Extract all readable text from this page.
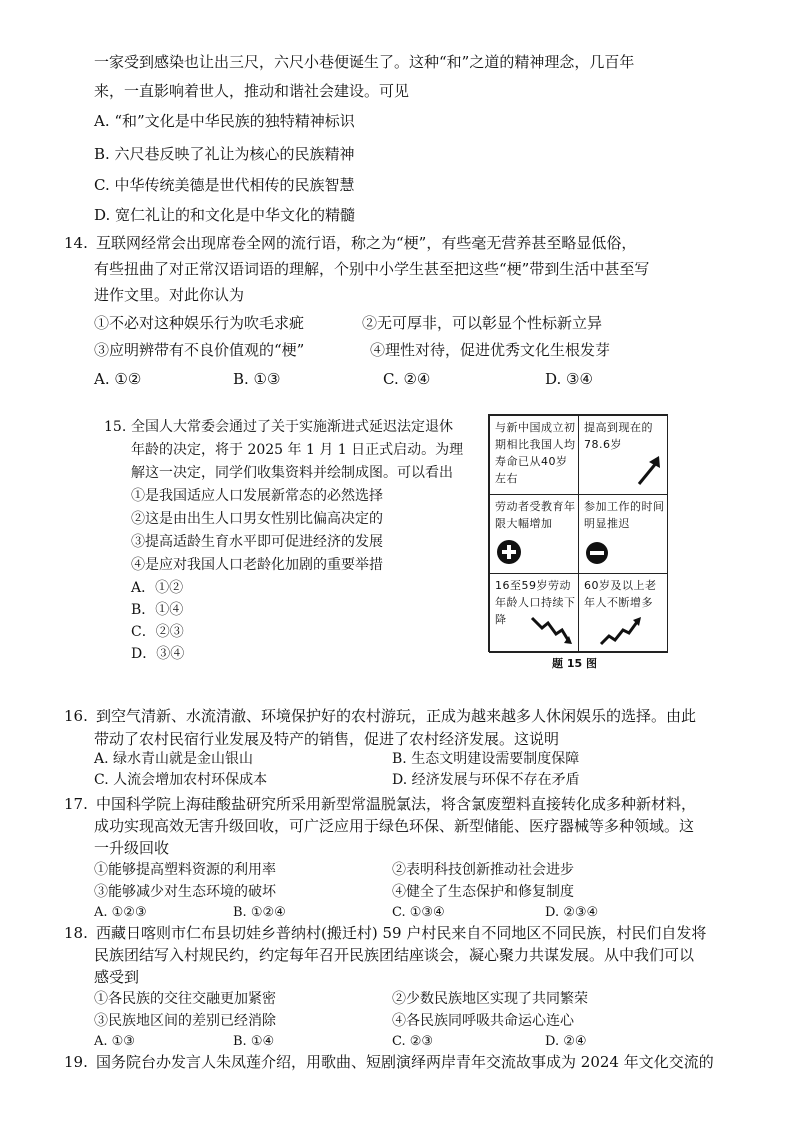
一家受到感染也让出三尺，六尺小巷便诞生了。这种“和”之道的精神理念，几百年
来，一直影响着世人，推动和谐社会建设。可见
A. “和”文化是中华民族的独特精神标识
B. 六尺巷反映了礼让为核心的民族精神
C. 中华传统美德是世代相传的民族智慧
D. 宽仁礼让的和文化是中华文化的精髓
14. 互联网经常会出现席卷全网的流行语，称之为“梗”，有些毫无营养甚至略显低俗，
有些扭曲了对正常汉语词语的理解，个别中小学生甚至把这些“梗”带到生活中甚至写
进作文里。对此你认为
①不必对这种娱乐行为吹毛求疵	②无可厚非，可以彰显个性标新立异
③应明辨带有不良价值观的“梗”	④理性对待，促进优秀文化生根发芽
A. ①②	B. ①③	C. ②④	D. ③④
15. 全国人大常委会通过了关于实施渐进式延迟法定退休
年龄的决定，将于 2025 年 1 月 1 日正式启动。为理
解这一决定，同学们收集资料并绘制成图。可以看出
①是我国适应人口发展新常态的必然选择
②这是由出生人口男女性别比偏高决定的
③提高适龄生育水平即可促进经济的发展
④是应对我国人口老龄化加剧的重要举措
A．①②
B．①④
C．②③
D．③④
与新中国成立初期相比我国人均寿命已从40岁左右
提高到现在的78.6岁
劳动者受教育年限大幅增加
参加工作的时间明显推迟
16至59岁劳动年龄人口持续下降
60岁及以上老年人不断增多
题 15 图
16. 到空气清新、水流清澈、环境保护好的农村游玩，正成为越来越多人休闲娱乐的选择。由此
带动了农村民宿行业发展及特产的销售，促进了农村经济发展。这说明
A. 绿水青山就是金山银山	B. 生态文明建设需要制度保障
C. 人流会增加农村环保成本	D. 经济发展与环保不存在矛盾
17. 中国科学院上海硅酸盐研究所采用新型常温脱氯法，将含氯废塑料直接转化成多种新材料，
成功实现高效无害升级回收，可广泛应用于绿色环保、新型储能、医疗器械等多种领域。这
一升级回收
①能够提高塑料资源的利用率	②表明科技创新推动社会进步
③能够减少对生态环境的破坏	④健全了生态保护和修复制度
A. ①②③	B. ①②④	C. ①③④	D. ②③④
18. 西藏日喀则市仁布县切娃乡普纳村(搬迁村) 59 户村民来自不同地区不同民族，村民们自发将
民族团结写入村规民约，约定每年召开民族团结座谈会，凝心聚力共谋发展。从中我们可以
感受到
①各民族的交往交融更加紧密	②少数民族地区实现了共同繁荣
③民族地区间的差别已经消除	④各民族同呼吸共命运心连心
A. ①③	B. ①④	C. ②③	D. ②④
19. 国务院台办发言人朱凤莲介绍，用歌曲、短剧演绎两岸青年交流故事成为 2024 年文化交流的
